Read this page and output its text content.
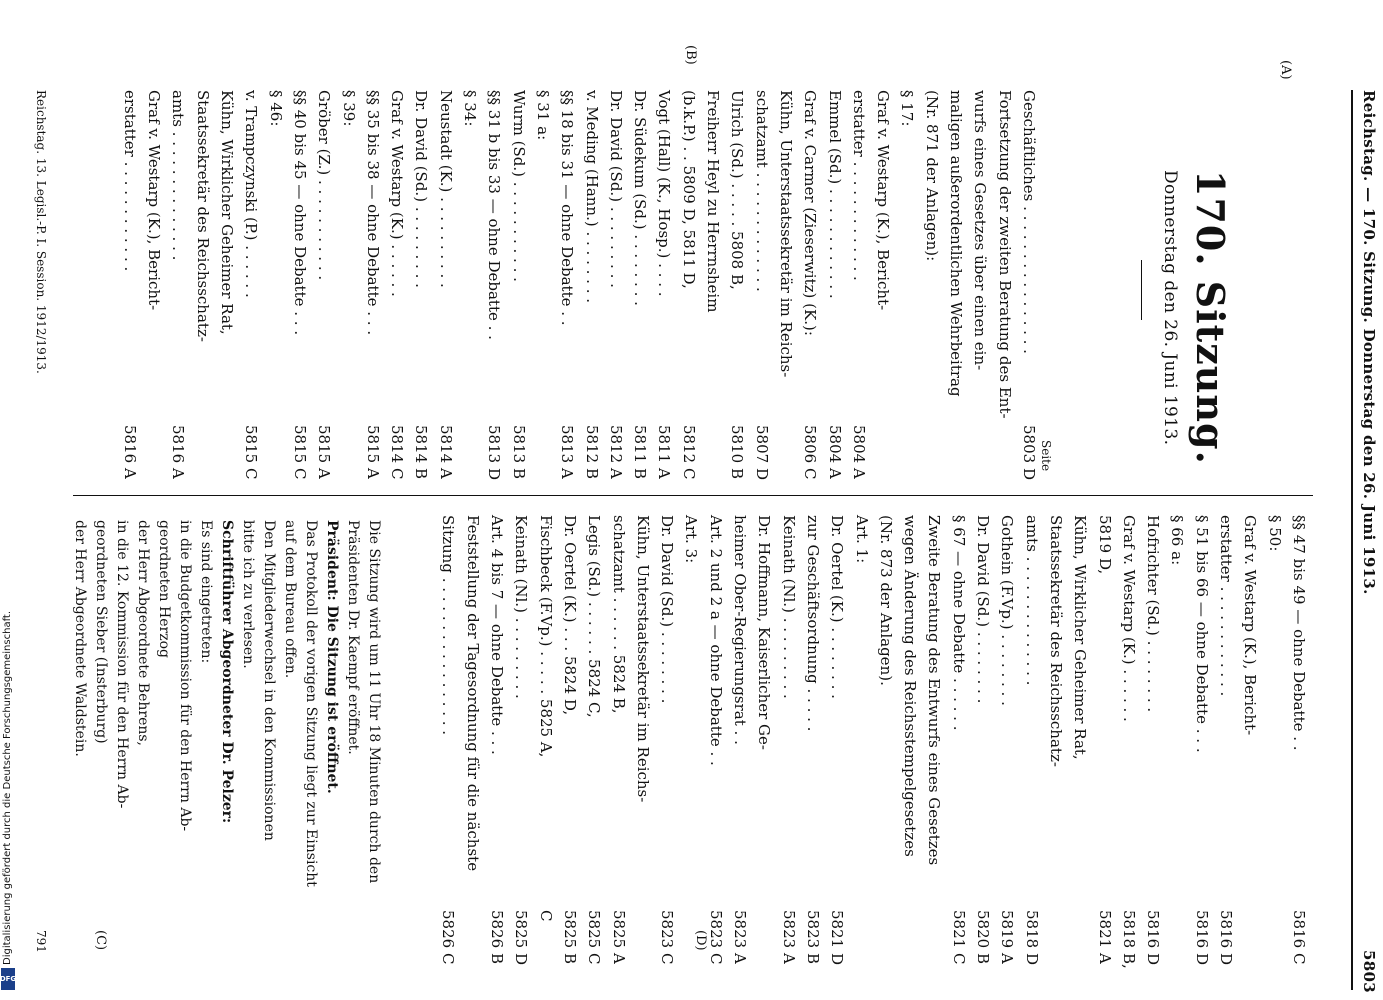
Reichstag. — 170. Sitzung. Donnerstag den 26. Juni 1913.
5803
(A)
(B)
(C)	(D)
170. Sitzung.
Donnerstag den 26. Juni 1913.
Seite
Geschäftliches . . . . . . . . . . . . . . . .
5803 D
Fortsetzung der zweiten Beratung des Ent-
wurfs eines Gesetzes über einen ein-
maligen außerordentlichen Wehrbeitrag
(Nr. 871 der Anlagen):
§ 17:
Graf v. Westarp (K.), Bericht-
erstatter . . . . . . . . . . . . .
5804 A
Emmel (Sd.) . . . . . . . . . . . .
5804 A
Graf v. Carmer (Zieserwitz) (K.):
5806 C
Kühn, Unterstaatssekretär im Reichs-
schatzamt . . . . . . . . . . . . .
5807 D
Ulrich (Sd.) . . . . . 5808 B,
5810 B
Freiherr Heyl zu Herrnsheim
(b.k.P.) . . 5809 D, 5811 D,
5812 C
Vogt (Hall) (K., Hosp.) . . . .
5811 A
Dr. Südekum (Sd.) . . . . . . . .
5811 B
Dr. David (Sd.) . . . . . . . . .
5812 A
v. Meding (Hann.) . . . . . . . .
5812 B
§§ 18 bis 31 — ohne Debatte . .
5813 A
§ 31 a:
Wurm (Sd.) . . . . . . . . . . .
5813 B
§§ 31 b bis 33 — ohne Debatte . .
5813 D
§ 34:
Neustadt (K.) . . . . . . . . . .
5814 A
Dr. David (Sd.) . . . . . . . . .
5814 B
Graf v. Westarp (K.) . . . . . .
5814 C
§§ 35 bis 38 — ohne Debatte . . .
5815 A
§ 39:
Gröber (Z.) . . . . . . . . . . .
5815 A
§§ 40 bis 45 — ohne Debatte . . .
5815 C
§ 46:
v. Trampczynski (P.) . . . . . .
5815 C
Kühn, Wirklicher Geheimer Rat,
Staatssekretär des Reichsschatz-
amts . . . . . . . . . . . . . .
5816 A
Graf v. Westarp (K.), Bericht-
erstatter . . . . . . . . . . . .
5816 A
§§ 47 bis 49 — ohne Debatte . .
5816 C
§ 50:
Graf v. Westarp (K.), Bericht-
erstatter . . . . . . . . . . . .
5816 D
§ 51 bis 66 — ohne Debatte . . .
5816 D
§ 66 a:
Hofrichter (Sd.) . . . . . . . .
5816 D
Graf v. Westarp (K.) . . . . . .
5818 B,
5819 D,
5821 A
Kühn, Wirklicher Geheimer Rat,
Staatssekretär des Reichsschatz-
amts . . . . . . . . . . . . . .
5818 D
Gothein (F.Vp.) . . . . . . . .
5819 A
Dr. David (Sd.) . . . . . . . .
5820 B
§ 67 — ohne Debatte . . . . . .
5821 C
Zweite Beratung des Entwurfs eines Gesetzes
wegen Änderung des Reichsstempelgesetzes
(Nr. 873 der Anlagen).
Art. 1:
Dr. Oertel (K.) . . . . . . . .
5821 D
zur Geschäftsordnung . . . . .
5823 B
Keinath (Nl.) . . . . . . . . .
5823 A
Dr. Hoffmann, Kaiserlicher Ge-
heimer Ober-Regierungsrat . .
5823 A
Art. 2 und 2 a — ohne Debatte . .
5823 C
Art. 3:
Dr. David (Sd.) . . . . . . . .
5823 C
Kühn, Unterstaatssekretär im Reichs-
schatzamt . . . . . . 5824 B,
5825 A
Legis (Sd.) . . . . . . 5824 C,
5825 C
Dr. Oertel (K.) . . . 5824 D,
5825 B
Fischbeck (F.Vp.) . . . . . 5825 A,
C
Keinath (Nl.) . . . . . . . . .
5825 D
Art. 4 bis 7 — ohne Debatte . . .
5826 B
Feststellung der Tagesordnung für die nächste
Sitzung . . . . . . . . . . . . . . . . .
5826 C
Die Sitzung wird um 11 Uhr 18 Minuten durch den
Präsidenten Dr. Kaempf eröffnet.
Präsident: Die Sitzung ist eröffnet.
Das Protokoll der vorigen Sitzung liegt zur Einsicht
auf dem Bureau offen.
Den Mitgliederwechsel in den Kommissionen
bitte ich zu verlesen.
Schriftführer Abgeordneter Dr. Pelzer:
Es sind eingetreten:
in die Budgetkommission für den Herrn Ab-
geordneten Herzog
der Herr Abgeordnete Behrens,
in die 12. Kommission für den Herrn Ab-
geordneten Sieber (Insterburg)
der Herr Abgeordnete Waldstein.
Reichstag. 13. Legisl.-P. I. Session. 1912/1913.
791
Digitalisierung gefördert durch die Deutsche Forschungsgemeinschaft.
DFG
